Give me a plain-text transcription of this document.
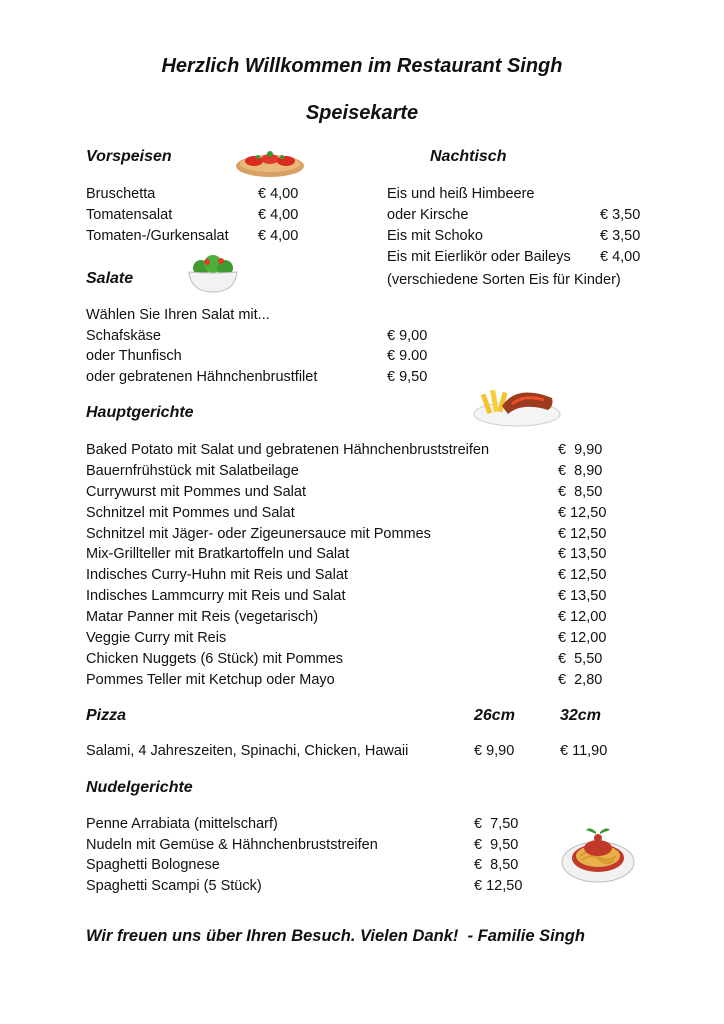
Herzlich Willkommen im Restaurant Singh
Speisekarte
Vorspeisen
Bruschetta	€ 4,00
Tomatensalat	€ 4,00
Tomaten-/Gurkensalat € 4,00
Nachtisch
Eis und heiß Himbeere
oder Kirsche	€ 3,50
Eis mit Schoko	€ 3,50
Eis mit Eierlikör oder Baileys € 4,00
(verschiedene Sorten Eis für Kinder)
Salate
Wählen Sie Ihren Salat mit...
Schafskäse	€ 9,00
oder Thunfisch	€ 9.00
oder gebratenen Hähnchenbrustfilet	€ 9,50
Hauptgerichte
Baked Potato mit Salat und gebratenen Hähnchenbruststreifen	€  9,90
Bauernfrühstück mit Salatbeilage	€  8,90
Currywurst mit Pommes und Salat	€  8,50
Schnitzel mit Pommes und Salat	€ 12,50
Schnitzel mit Jäger- oder Zigeunersauce mit Pommes	€ 12,50
Mix-Grillteller mit Bratkartoffeln und Salat	€ 13,50
Indisches Curry-Huhn mit Reis und Salat	€ 12,50
Indisches Lammcurry mit Reis und Salat	€ 13,50
Matar Panner mit Reis (vegetarisch)	€ 12,00
Veggie Curry mit Reis	€ 12,00
Chicken Nuggets (6 Stück) mit Pommes	€  5,50
Pommes Teller mit Ketchup oder Mayo	€  2,80
Pizza	26cm	32cm
Salami, 4 Jahreszeiten, Spinachi, Chicken, Hawaii	€ 9,90	€ 11,90
Nudelgerichte
Penne Arrabiata (mittelscharf)	€  7,50
Nudeln mit Gemüse & Hähnchenbruststreifen	€  9,50
Spaghetti Bolognese	€  8,50
Spaghetti Scampi (5 Stück)	€ 12,50
Wir freuen uns über Ihren Besuch. Vielen Dank!  - Familie Singh
